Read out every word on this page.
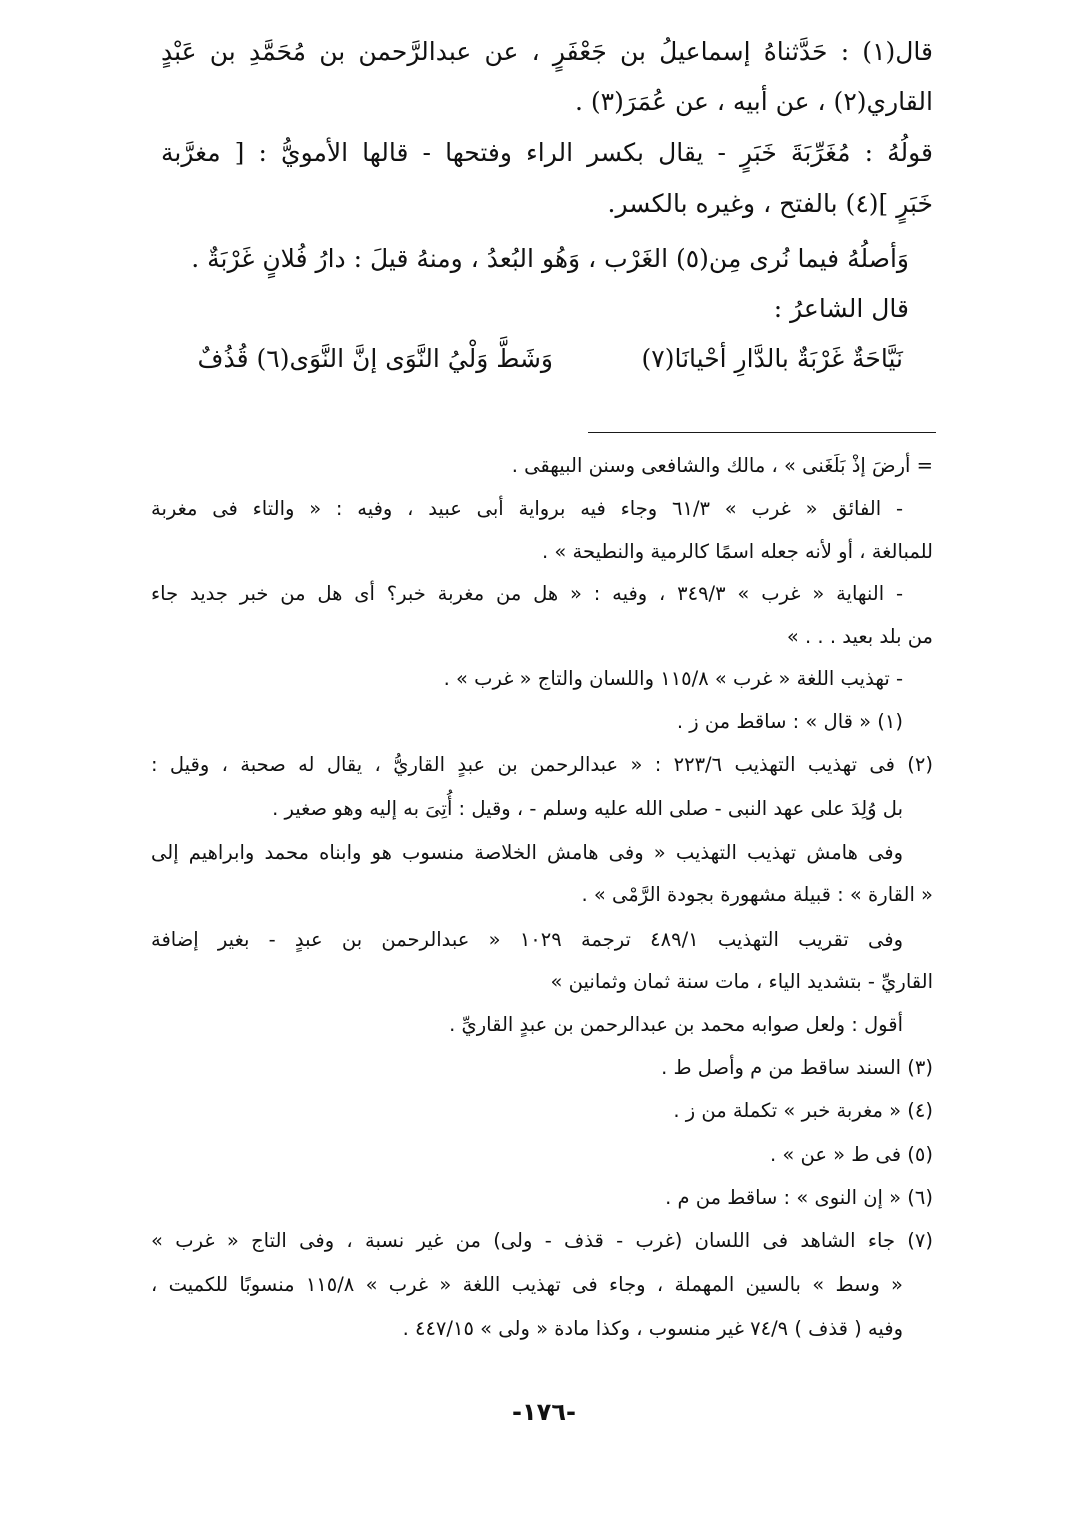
قال(١) : حَدَّثناهُ إسماعيلُ بن جَعْفَرٍ ، عن عبدالرَّحمن بن مُحَمَّدِ بن عَبْدٍ
القاري(٢) ، عن أبيه ، عن عُمَرَ(٣) .
قولُهُ : مُغَرِّبَةَ خَبَرٍ - يقال بكسر الراء وفتحها - قالها الأمويُّ : [ مغرَّبة
خَبَرٍ ](٤) بالفتح ، وغيره بالكسر.
وَأصلُهُ فيما نُرى مِن(٥) الغَرْب ، وَهُو البُعدُ ، ومنهُ قيلَ : دارُ فُلانٍ غَرْبَةٌ .
قال الشاعرُ :
وَشَطَّ وَلْيُ النَّوَى إنَّ النَّوَى(٦) قُذُفٌ	نَيَّاحَةٌ غَرْبَةٌ بالدَّارِ أحْيانَا(٧)
= أرضَ إذْ بَلَغَنى » ، مالك والشافعى وسنن البيهقى .
- الفائق « غرب » ٦١/٣ وجاء فيه برواية أبى عبيد ، وفيه : « والتاء فى مغربة
للمبالغة ، أو لأنه جعله اسمًا كالرمية والنطيحة » .
- النهاية « غرب » ٣٤٩/٣ ، وفيه : « هل من مغربة خبر؟ أى هل من خبر جديد جاء
من بلد بعيد . . . »
- تهذيب اللغة « غرب » ١١٥/٨ واللسان والتاج « غرب » .
(١) « قال » : ساقط من ز .
(٢) فى تهذيب التهذيب ٢٢٣/٦ : « عبدالرحمن بن عبدٍ القاريُّ ، يقال له صحبة ، وقيل :
بل وُلِدَ على عهد النبى - صلى الله عليه وسلم - ، وقيل : أُتِىَ به إليه وهو صغير .
وفى هامش تهذيب التهذيب « وفى هامش الخلاصة منسوب هو وابناه محمد وابراهيم إلى
« القارة » : قبيلة مشهورة بجودة الرَّمْى » .
وفى تقريب التهذيب ٤٨٩/١ ترجمة ١٠٢٩ « عبدالرحمن بن عبدٍ - بغير إضافة
القاريِّ - بتشديد الياء ، مات سنة ثمان وثمانين »
أقول : ولعل صوابه محمد بن عبدالرحمن بن عبدٍ القاريِّ .
(٣) السند ساقط من م وأصل ط .
(٤) « مغربة خبر » تكملة من ز .
(٥) فى ط « عن » .
(٦) « إن النوى » : ساقط من م .
(٧) جاء الشاهد فى اللسان (غرب - قذف - ولى) من غير نسبة ، وفى التاج « غرب »
« وسط » بالسين المهملة ، وجاء فى تهذيب اللغة « غرب » ١١٥/٨ منسوبًا للكميت ،
وفيه ( قذف ) ٧٤/٩ غير منسوب ، وكذا مادة « ولى » ٤٤٧/١٥ .
-١٧٦-
